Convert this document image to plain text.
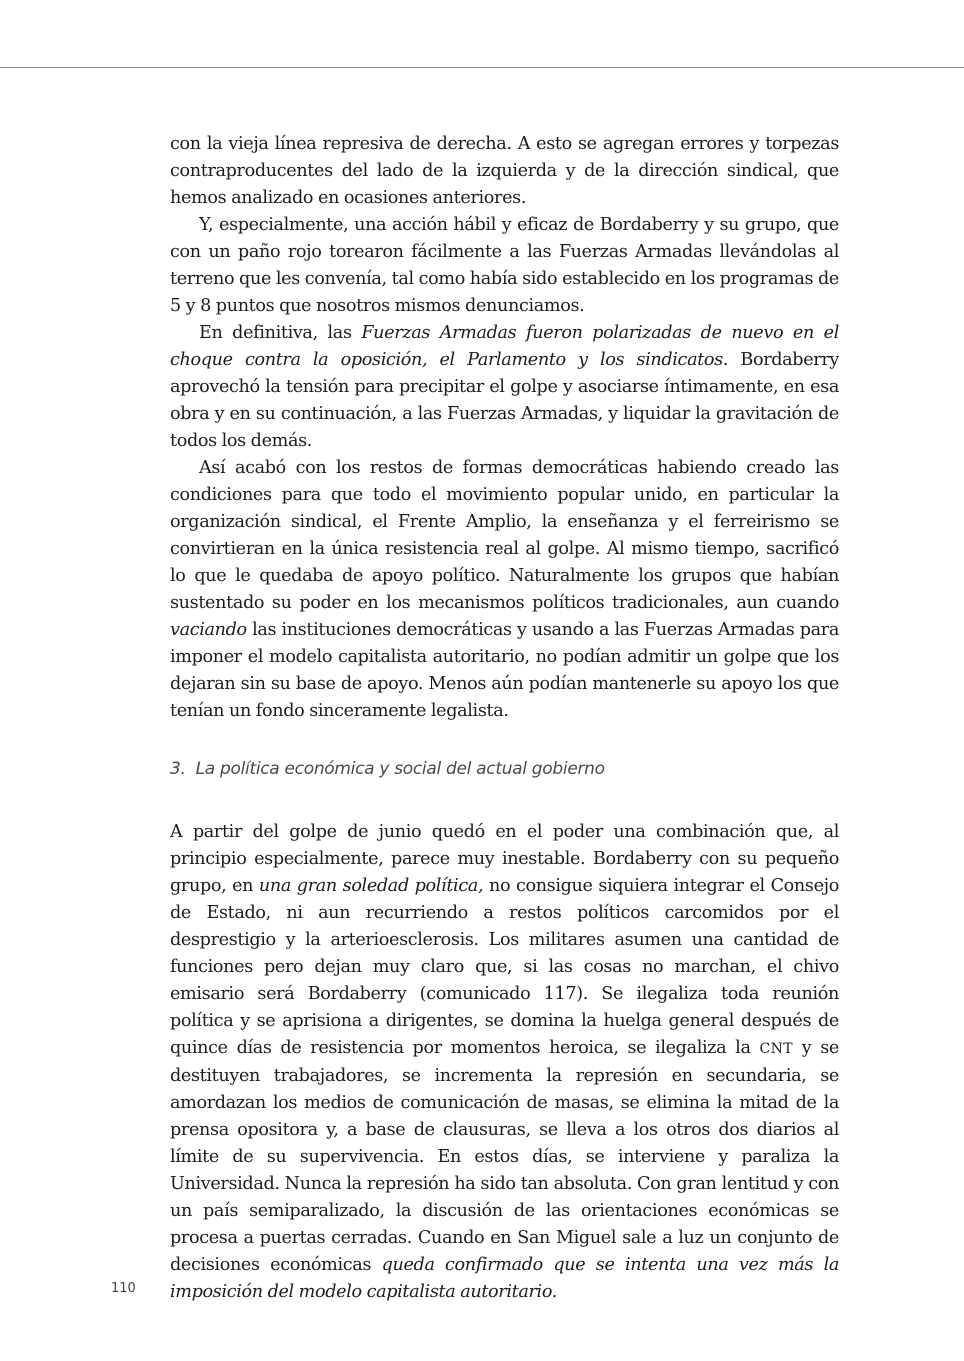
con la vieja línea represiva de derecha. A esto se agregan errores y torpezas contraproducentes del lado de la izquierda y de la dirección sindical, que hemos analizado en ocasiones anteriores.

Y, especialmente, una acción hábil y eficaz de Bordaberry y su grupo, que con un paño rojo torearon fácilmente a las Fuerzas Armadas llevándolas al terreno que les convenía, tal como había sido establecido en los programas de 5 y 8 puntos que nosotros mismos denunciamos.

En definitiva, las Fuerzas Armadas fueron polarizadas de nuevo en el choque contra la oposición, el Parlamento y los sindicatos. Bordaberry aprovechó la tensión para precipitar el golpe y asociarse íntimamente, en esa obra y en su continuación, a las Fuerzas Armadas, y liquidar la gravitación de todos los demás.

Así acabó con los restos de formas democráticas habiendo creado las condiciones para que todo el movimiento popular unido, en particular la organización sindical, el Frente Amplio, la enseñanza y el ferreirismo se convirtieran en la única resistencia real al golpe. Al mismo tiempo, sacrificó lo que le quedaba de apoyo político. Naturalmente los grupos que habían sustentado su poder en los mecanismos políticos tradicionales, aun cuando vaciando las instituciones democráticas y usando a las Fuerzas Armadas para imponer el modelo capitalista autoritario, no podían admitir un golpe que los dejaran sin su base de apoyo. Menos aún podían mantenerle su apoyo los que tenían un fondo sinceramente legalista.

3. La política económica y social del actual gobierno

A partir del golpe de junio quedó en el poder una combinación que, al principio especialmente, parece muy inestable. Bordaberry con su pequeño grupo, en una gran soledad política, no consigue siquiera integrar el Consejo de Estado, ni aun recurriendo a restos políticos carcomidos por el desprestigio y la arterioesclerosis. Los militares asumen una cantidad de funciones pero dejan muy claro que, si las cosas no marchan, el chivo emisario será Bordaberry (comunicado 117). Se ilegaliza toda reunión política y se aprisiona a dirigentes, se domina la huelga general después de quince días de resistencia por momentos heroica, se ilegaliza la CNT y se destituyen trabajadores, se incrementa la represión en secundaria, se amordazan los medios de comunicación de masas, se elimina la mitad de la prensa opositora y, a base de clausuras, se lleva a los otros dos diarios al límite de su supervivencia. En estos días, se interviene y paraliza la Universidad. Nunca la represión ha sido tan absoluta. Con gran lentitud y con un país semiparalizado, la discusión de las orientaciones económicas se procesa a puertas cerradas. Cuando en San Miguel sale a luz un conjunto de decisiones económicas queda confirmado que se intenta una vez más la imposición del modelo capitalista autoritario.

110
